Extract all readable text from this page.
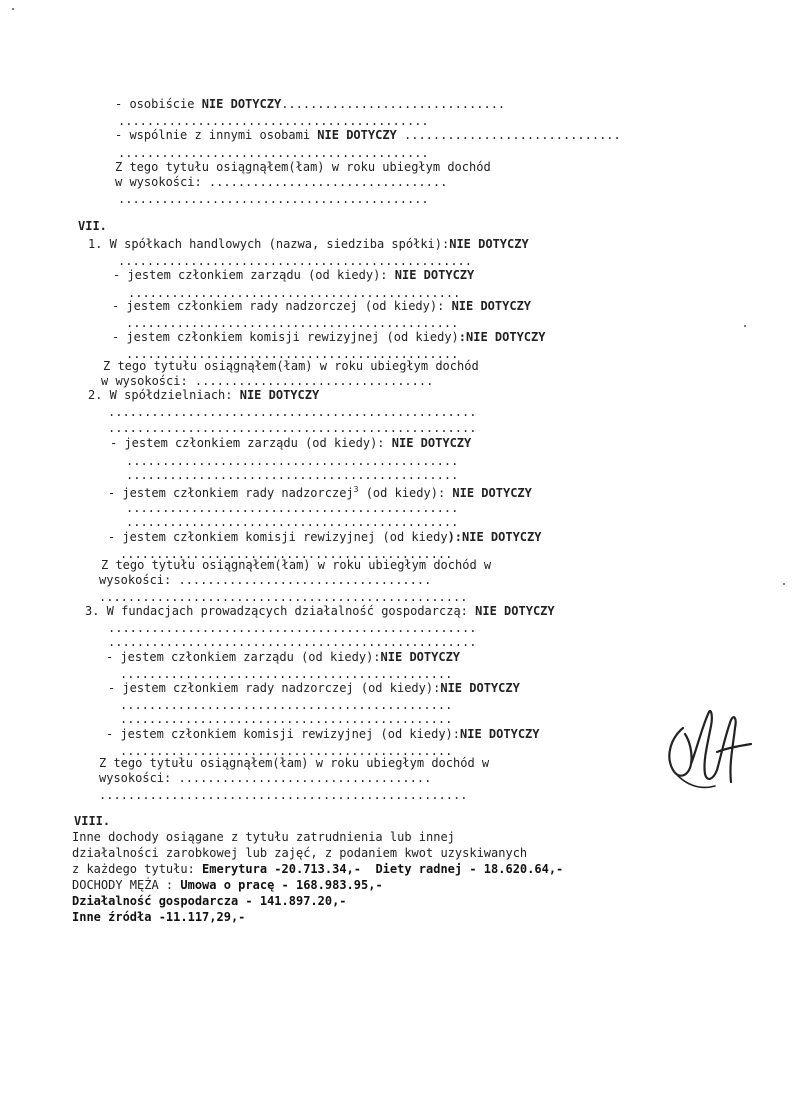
- osobiście NIE DOTYCZY...............................
...........................................
- wspólnie z innymi osobami NIE DOTYCZY ..............................
...........................................
Z tego tytułu osiągnąłem(łam) w roku ubiegłym dochód
w wysokości: .................................
...........................................
VII.
1. W spółkach handlowych (nazwa, siedziba spółki):NIE DOTYCZY
.................................................
- jestem członkiem zarządu (od kiedy): NIE DOTYCZY
..............................................
- jestem członkiem rady nadzorczej (od kiedy): NIE DOTYCZY
..............................................
- jestem członkiem komisji rewizyjnej (od kiedy):NIE DOTYCZY
..............................................
Z tego tytułu osiągnąłem(łam) w roku ubiegłym dochód
w wysokości: .................................
2. W spółdzielniach: NIE DOTYCZY
...................................................
...................................................
- jestem członkiem zarządu (od kiedy): NIE DOTYCZY
..............................................
..............................................
- jestem członkiem rady nadzorczej$^3$ (od kiedy): NIE DOTYCZY
..............................................
..............................................
- jestem członkiem komisji rewizyjnej (od kiedy):NIE DOTYCZY
..............................................
Z tego tytułu osiągnąłem(łam) w roku ubiegłym dochód w
wysokości: ...................................
...................................................
3. W fundacjach prowadzących działalność gospodarczą: NIE DOTYCZY
...................................................
...................................................
- jestem członkiem zarządu (od kiedy):NIE DOTYCZY
..............................................
- jestem członkiem rady nadzorczej (od kiedy):NIE DOTYCZY
..............................................
..............................................
- jestem członkiem komisji rewizyjnej (od kiedy):NIE DOTYCZY
..............................................
Z tego tytułu osiągnąłem(łam) w roku ubiegłym dochód w
wysokości: ...................................
...................................................
VIII.
Inne dochody osiągane z tytułu zatrudnienia lub innej
działalności zarobkowej lub zajęć, z podaniem kwot uzyskiwanych
z każdego tytułu: Emerytura -20.713.34,-  Diety radnej - 18.620.64,-
DOCHODY MĘŻA : Umowa o pracę - 168.983.95,-
Działalność gospodarcza - 141.897.20,-
Inne źródła -11.117,29,-
